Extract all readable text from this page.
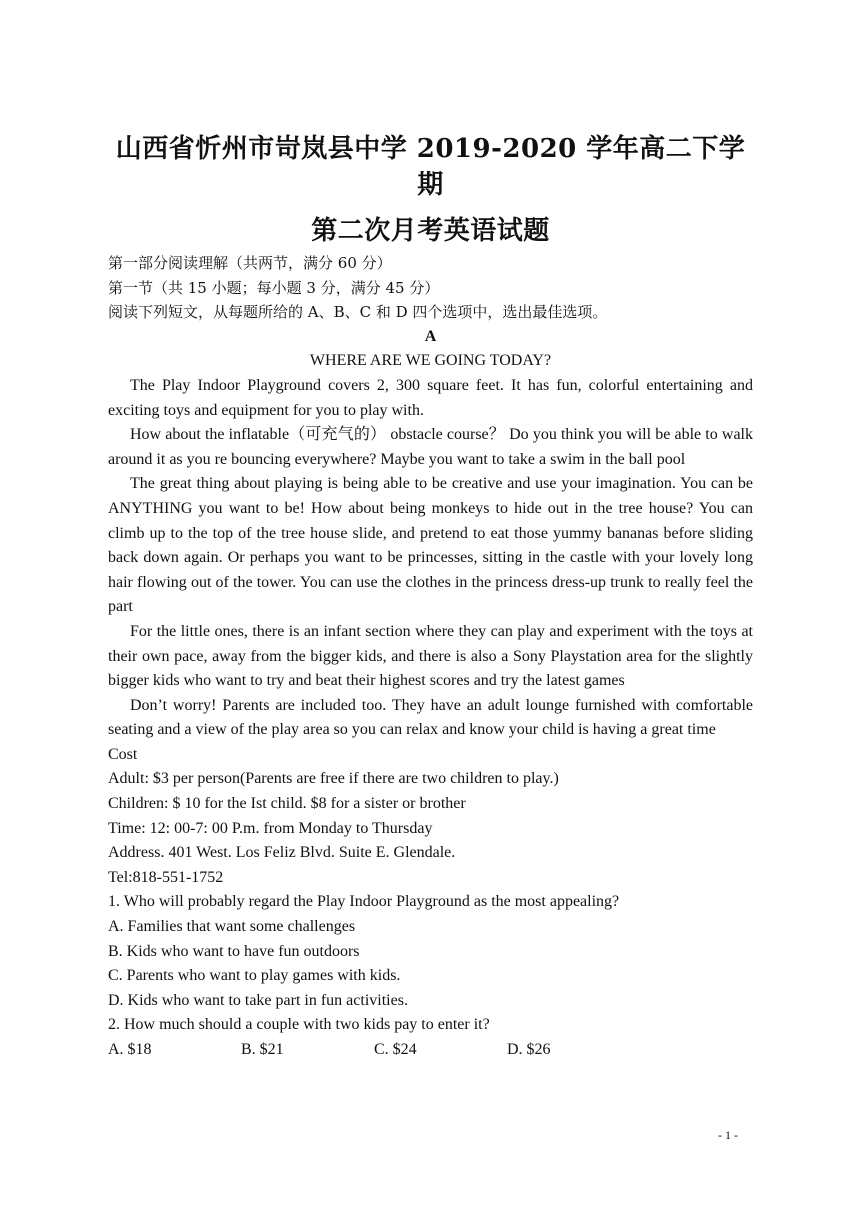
山西省忻州市岢岚县中学 2019-2020 学年高二下学期
第二次月考英语试题

第一部分阅读理解（共两节，满分 60 分）

第一节（共 15 小题；每小题 3 分，满分 45 分）

阅读下列短文，从每题所给的 A、B、C 和 D 四个选项中，选出最佳选项。

A

WHERE ARE WE GOING TODAY?

The Play Indoor Playground covers 2, 300 square feet. It has fun, colorful entertaining and exciting toys and equipment for you to play with.

How about the inflatable（可充气的） obstacle course？ Do you think you will be able to walk around it as you re bouncing everywhere? Maybe you want to take a swim in the ball pool

The great thing about playing is being able to be creative and use your imagination. You can be ANYTHING you want to be! How about being monkeys to hide out in the tree house? You can climb up to the top of the tree house slide, and pretend to eat those yummy bananas before sliding back down again. Or perhaps you want to be princesses, sitting in the castle with your lovely long hair flowing out of the tower. You can use the clothes in the princess dress-up trunk to really feel the part

For the little ones, there is an infant section where they can play and experiment with the toys at their own pace, away from the bigger kids, and there is also a Sony Playstation area for the slightly bigger kids who want to try and beat their highest scores and try the latest games

Don’t worry! Parents are included too. They have an adult lounge furnished with comfortable seating and a view of the play area so you can relax and know your child is having a great time

Cost

Adult: $3 per person(Parents are free if there are two children to play.)

Children: $ 10 for the Ist child. $8 for a sister or brother

Time: 12: 00-7: 00 P.m. from Monday to Thursday

Address. 401 West. Los Feliz Blvd. Suite E. Glendale.

Tel:818-551-1752

1. Who will probably regard the Play Indoor Playground as the most appealing?

A. Families that want some challenges

B. Kids who want to have fun outdoors

C. Parents who want to play games with kids.

D. Kids who want to take part in fun activities.

2. How much should a couple with two kids pay to enter it?

A. $18	B. $21	C. $24	D. $26
- 1 -
